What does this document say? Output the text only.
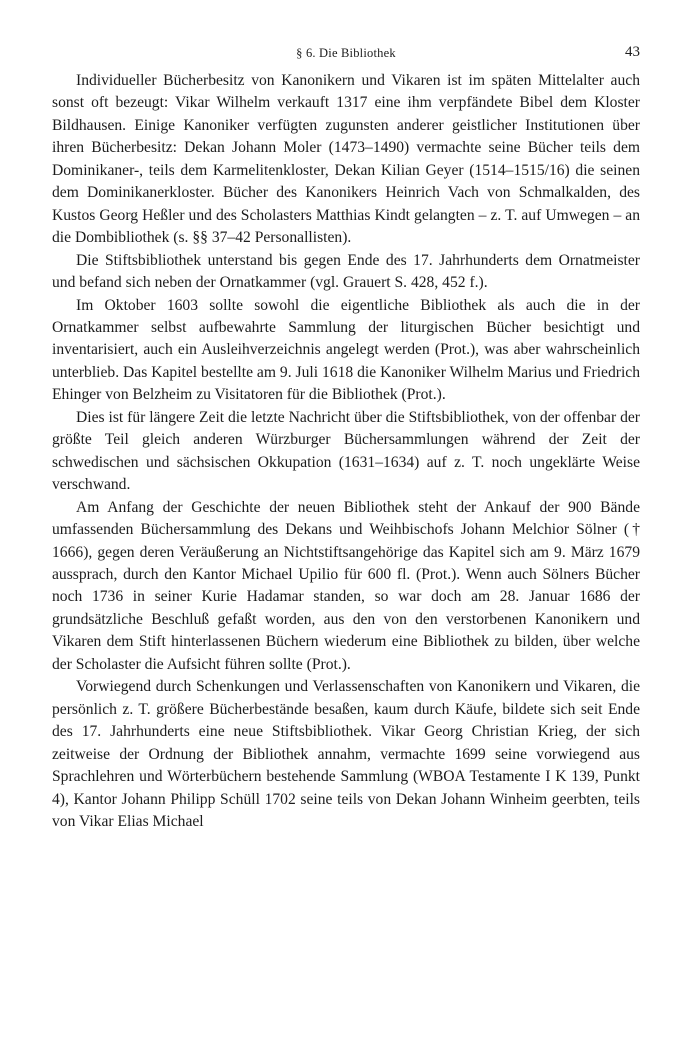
§ 6. Die Bibliothek	43

Individueller Bücherbesitz von Kanonikern und Vikaren ist im späten Mittelalter auch sonst oft bezeugt: Vikar Wilhelm verkauft 1317 eine ihm verpfändete Bibel dem Kloster Bildhausen. Einige Kanoniker verfügten zugunsten anderer geistlicher Institutionen über ihren Bücherbesitz: Dekan Johann Moler (1473–1490) vermachte seine Bücher teils dem Dominikaner-, teils dem Karmelitenkloster, Dekan Kilian Geyer (1514–1515/16) die seinen dem Dominikanerkloster. Bücher des Kanonikers Heinrich Vach von Schmalkalden, des Kustos Georg Heßler und des Scholasters Matthias Kindt gelangten – z. T. auf Umwegen – an die Dombibliothek (s. §§ 37–42 Personallisten).

Die Stiftsbibliothek unterstand bis gegen Ende des 17. Jahrhunderts dem Ornatmeister und befand sich neben der Ornatkammer (vgl. Grauert S. 428, 452 f.).

Im Oktober 1603 sollte sowohl die eigentliche Bibliothek als auch die in der Ornatkammer selbst aufbewahrte Sammlung der liturgischen Bücher besichtigt und inventarisiert, auch ein Ausleihverzeichnis angelegt werden (Prot.), was aber wahrscheinlich unterblieb. Das Kapitel bestellte am 9. Juli 1618 die Kanoniker Wilhelm Marius und Friedrich Ehinger von Belzheim zu Visitatoren für die Bibliothek (Prot.).

Dies ist für längere Zeit die letzte Nachricht über die Stiftsbibliothek, von der offenbar der größte Teil gleich anderen Würzburger Büchersammlungen während der Zeit der schwedischen und sächsischen Okkupation (1631–1634) auf z. T. noch ungeklärte Weise verschwand.

Am Anfang der Geschichte der neuen Bibliothek steht der Ankauf der 900 Bände umfassenden Büchersammlung des Dekans und Weihbischofs Johann Melchior Sölner († 1666), gegen deren Veräußerung an Nichtstiftsangehörige das Kapitel sich am 9. März 1679 aussprach, durch den Kantor Michael Upilio für 600 fl. (Prot.). Wenn auch Sölners Bücher noch 1736 in seiner Kurie Hadamar standen, so war doch am 28. Januar 1686 der grundsätzliche Beschluß gefaßt worden, aus den von den verstorbenen Kanonikern und Vikaren dem Stift hinterlassenen Büchern wiederum eine Bibliothek zu bilden, über welche der Scholaster die Aufsicht führen sollte (Prot.).

Vorwiegend durch Schenkungen und Verlassenschaften von Kanonikern und Vikaren, die persönlich z. T. größere Bücherbestände besaßen, kaum durch Käufe, bildete sich seit Ende des 17. Jahrhunderts eine neue Stiftsbibliothek. Vikar Georg Christian Krieg, der sich zeitweise der Ordnung der Bibliothek annahm, vermachte 1699 seine vorwiegend aus Sprachlehren und Wörterbüchern bestehende Sammlung (WBOA Testamente I K 139, Punkt 4), Kantor Johann Philipp Schüll 1702 seine teils von Dekan Johann Winheim geerbten, teils von Vikar Elias Michael
